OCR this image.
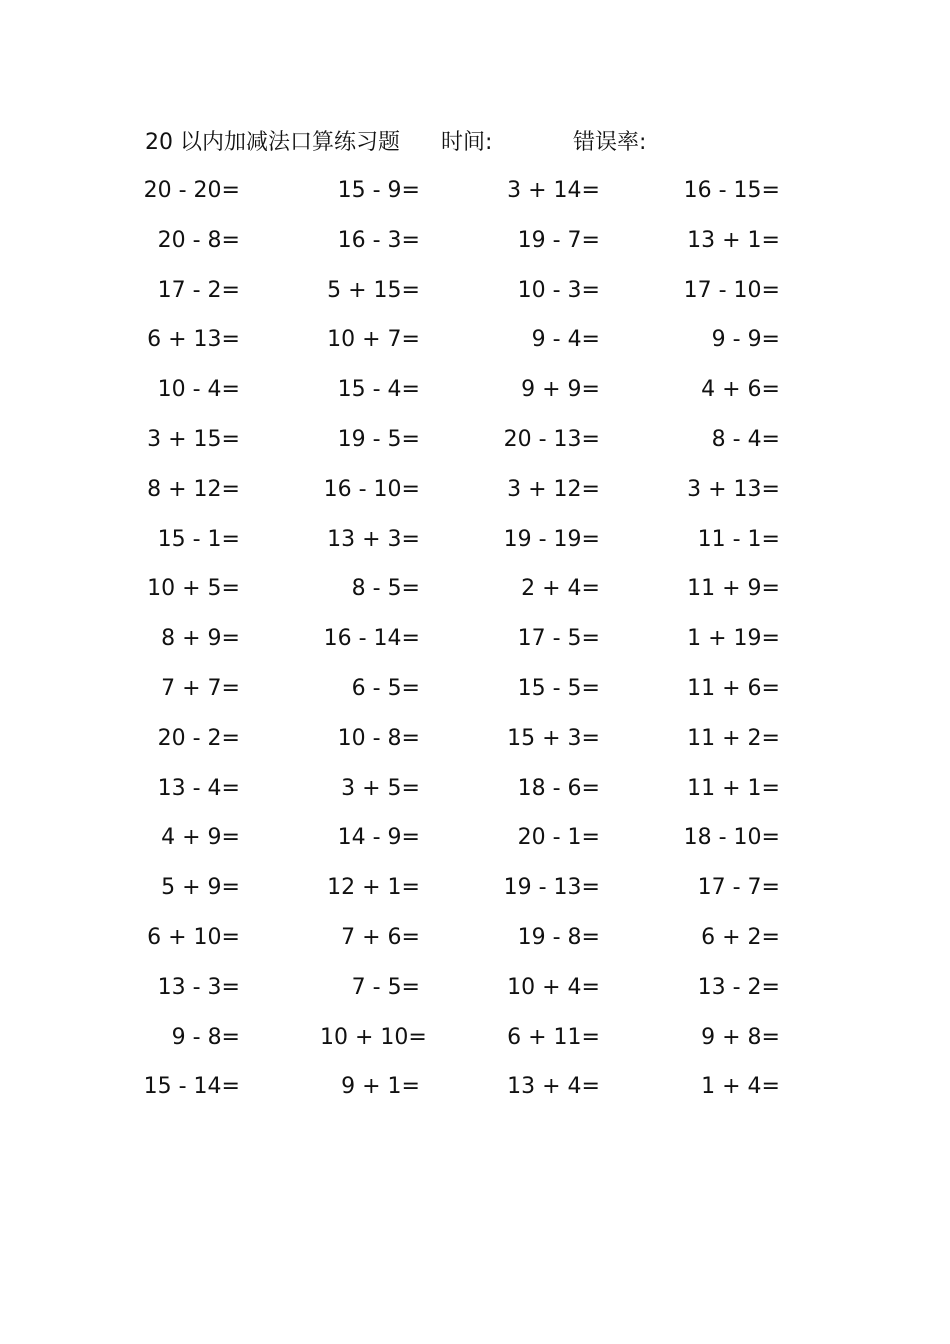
20 以内加减法口算练习题 时间:	错误率:
20 - 20=	15 - 9=	3 + 14=	16 - 15=
20 - 8=	16 - 3=	19 - 7=	13 + 1=
17 - 2=	5 + 15=	10 - 3=	17 - 10=
6 + 13=	10 + 7=	9 - 4=	9 - 9=
10 - 4=	15 - 4=	9 + 9=	4 + 6=
3 + 15=	19 - 5=	20 - 13=	8 - 4=
8 + 12=	16 - 10=	3 + 12=	3 + 13=
15 - 1=	13 + 3=	19 - 19=	11 - 1=
10 + 5=	8 - 5=	2 + 4=	11 + 9=
8 + 9=	16 - 14=	17 - 5=	1 + 19=
7 + 7=	6 - 5=	15 - 5=	11 + 6=
20 - 2=	10 - 8=	15 + 3=	11 + 2=
13 - 4=	3 + 5=	18 - 6=	11 + 1=
4 + 9=	14 - 9=	20 - 1=	18 - 10=
5 + 9=	12 + 1=	19 - 13=	17 - 7=
6 + 10=	7 + 6=	19 - 8=	6 + 2=
13 - 3=	7 - 5=	10 + 4=	13 - 2=
9 - 8=	10 + 10=	6 + 11=	9 + 8=
15 - 14=	9 + 1=	13 + 4=	1 + 4=
